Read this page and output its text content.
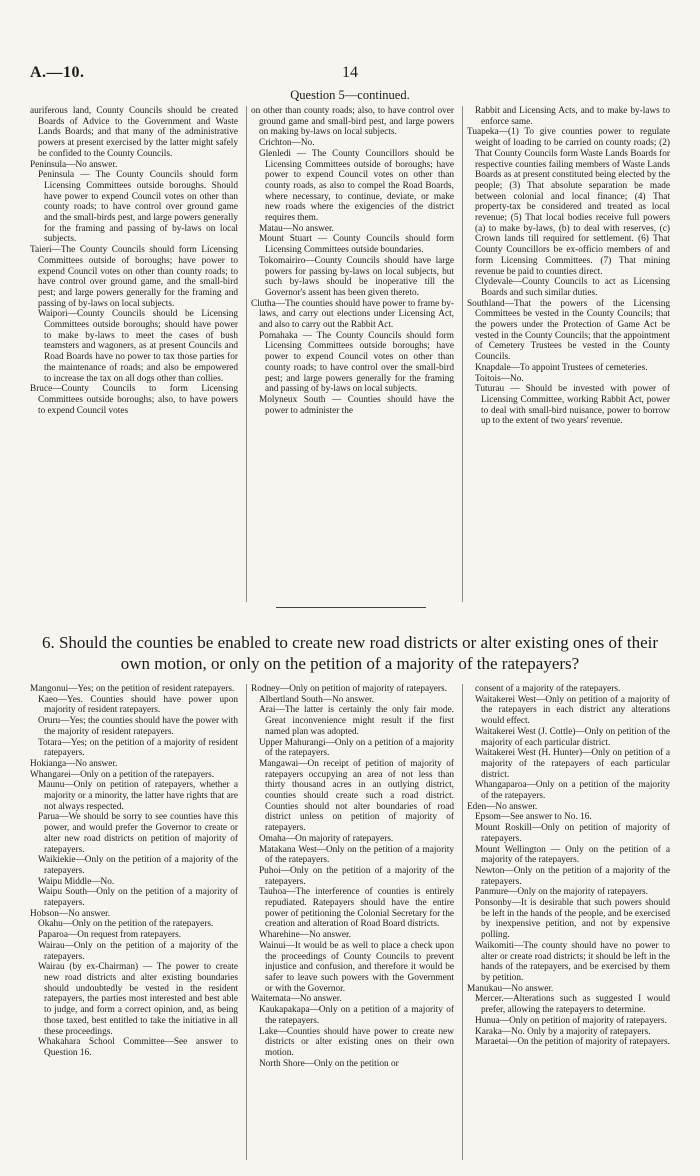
A.—10.	14
Question 5—continued.

auriferous land, County Councils should be created Boards of Advice to the Government and Waste Lands Boards; and that many of the administrative powers at present exercised by the latter might safely be confided to the County Councils.

Peninsula—No answer.

Peninsula — The County Councils should form Licensing Committees outside boroughs. Should have power to expend Council votes on other than county roads; to have control over ground game and the small-birds pest, and large powers generally for the framing and passing of by-laws on local subjects.

Taieri—The County Councils should form Licensing Committees outside of boroughs; have power to expend Council votes on other than county roads; to have control over ground game, and the small-bird pest; and large powers generally for the framing and passing of by-laws on local subjects.

Waipori—County Councils should be Licensing Committees outside boroughs; should have power to make by-laws to meet the cases of bush teamsters and wagoners, as at present Councils and Road Boards have no power to tax those parties for the maintenance of roads; and also be empowered to increase the tax on all dogs other than collies.

Bruce—County Councils to form Licensing Committees outside boroughs; also, to have powers to expend Council votes

on other than county roads; also, to have control over ground game and small-bird pest, and large powers on making by-laws on local subjects.

Crichton—No.

Glenledi — The County Councillors should be Licensing Committees outside of boroughs; have power to expend Council votes on other than county roads, as also to compel the Road Boards, where necessary, to continue, deviate, or make new roads where the exigencies of the district requires them.

Matau—No answer.

Mount Stuart — County Councils should form Licensing Committees outside boundaries.

Tokomairiro—County Councils should have large powers for passing by-laws on local subjects, but such by-laws should be inoperative till the Governor's assent has been given thereto.

Clutha—The counties should have power to frame by-laws, and carry out elections under Licensing Act, and also to carry out the Rabbit Act.

Pomahaka — The County Councils should form Licensing Committees outside boroughs; have power to expend Council votes on other than county roads; to have control over the small-bird pest; and large powers generally for the framing and passing of by-laws on local subjects.

Molyneux South — Counties should have the power to administer the

Rabbit and Licensing Acts, and to make by-laws to enforce same.

Tuapeka—(1) To give counties power to regulate weight of loading to be carried on county roads; (2) That County Councils form Waste Lands Boards for respective counties failing members of Waste Lands Boards as at present constituted being elected by the people; (3) That absolute separation be made between colonial and local finance; (4) That property-tax be considered and treated as local revenue; (5) That local bodies receive full powers (a) to make by-laws, (b) to deal with reserves, (c) Crown lands till required for settlement. (6) That County Councillors be ex-officio members of and form Licensing Committees. (7) That mining revenue be paid to counties direct.

Clydevale—County Councils to act as Licensing Boards and such similar duties.

Southland—That the powers of the Licensing Committees be vested in the County Councils; that the powers under the Protection of Game Act be vested in the County Councils; that the appointment of Cemetery Trustees be vested in the County Councils.

Knapdale—To appoint Trustees of cemeteries.

Toitois—No.

Tuturau — Should be invested with power of Licensing Committee, working Rabbit Act, power to deal with small-bird nuisance, power to borrow up to the extent of two years' revenue.

6. Should the counties be enabled to create new road districts or alter existing ones of their own motion, or only on the petition of a majority of the ratepayers?

Mangonui—Yes; on the petition of resident ratepayers.

Kaeo—Yes. Counties should have power upon majority of resident ratepayers.

Oruru—Yes; the counties should have the power with the majority of resident ratepayers.

Totara—Yes; on the petition of a majority of resident ratepayers.

Hokianga—No answer.

Whangarei—Only on a petition of the ratepayers.

Maunu—Only on petition of ratepayers, whether a majority or a minority, the latter have rights that are not always respected.

Parua—We should be sorry to see counties have this power, and would prefer the Governor to create or alter new road districts on petition of majority of ratepayers.

Waikiekie—Only on the petition of a majority of the ratepayers.

Waipu Middle—No.

Waipu South—Only on the petition of a majority of ratepayers.

Hobson—No answer.

Okahu—Only on the petition of the ratepayers.

Paparoa—On request from ratepayers.

Wairau—Only on the petition of a majority of the ratepayers.

Wairau (by ex-Chairman) — The power to create new road districts and alter existing boundaries should undoubtedly be vested in the resident ratepayers, the parties most interested and best able to judge, and form a correct opinion, and, as being those taxed, best entitled to take the initiative in all these proceedings.

Whakahara School Committee—See answer to Question 16.

Rodney—Only on petition of majority of ratepayers.

Albertland South—No answer.

Arai—The latter is certainly the only fair mode. Great inconvenience might result if the first named plan was adopted.

Upper Mahurangi—Only on a petition of a majority of the ratepayers.

Mangawai—On receipt of petition of majority of ratepayers occupying an area of not less than thirty thousand acres in an outlying district, counties should create such a road district. Counties should not alter boundaries of road district unless on petition of majority of ratepayers.

Omaha—On majority of ratepayers.

Matakana West—Only on the petition of a majority of the ratepayers.

Puhoi—Only on the petition of a majority of the ratepayers.

Tauhoa—The interference of counties is entirely repudiated. Ratepayers should have the entire power of petitioning the Colonial Secretary for the creation and alteration of Road Board districts.

Wharehine—No answer.

Wainui—It would be as well to place a check upon the proceedings of County Councils to prevent injustice and confusion, and therefore it would be safer to leave such powers with the Government or with the Governor.

Waitemata—No answer.

Kaukapakapa—Only on a petition of a majority of the ratepayers.

Lake—Counties should have power to create new districts or alter existing ones on their own motion.

North Shore—Only on the petition or

consent of a majority of the ratepayers.

Waitakerei West—Only on petition of a majority of the ratepayers in each district any alterations would effect.

Waitakerei West (J. Cottle)—Only on petition of the majority of each particular district.

Waitakerei West (H. Hunter)—Only on petition of a majority of the ratepayers of each particular district.

Whangaparoa—Only on a petition of the majority of the ratepayers.

Eden—No answer.

Epsom—See answer to No. 16.

Mount Roskill—Only on petition of majority of ratepayers.

Mount Wellington — Only on the petition of a majority of the ratepayers.

Newton—Only on the petition of a majority of the ratepayers.

Panmure—Only on the majority of ratepayers.

Ponsonby—It is desirable that such powers should be left in the hands of the people, and be exercised by inexpensive petition, and not by expensive polling.

Waikomiti—The county should have no power to alter or create road districts; it should be left in the hands of the ratepayers, and be exercised by them by petition.

Manukau—No answer.

Mercer.—Alterations such as suggested I would prefer, allowing the ratepayers to determine.

Hunua—Only on petition of majority of ratepayers.

Karaka—No. Only by a majority of ratepayers.

Maraetai—On the petition of majority of ratepayers.
